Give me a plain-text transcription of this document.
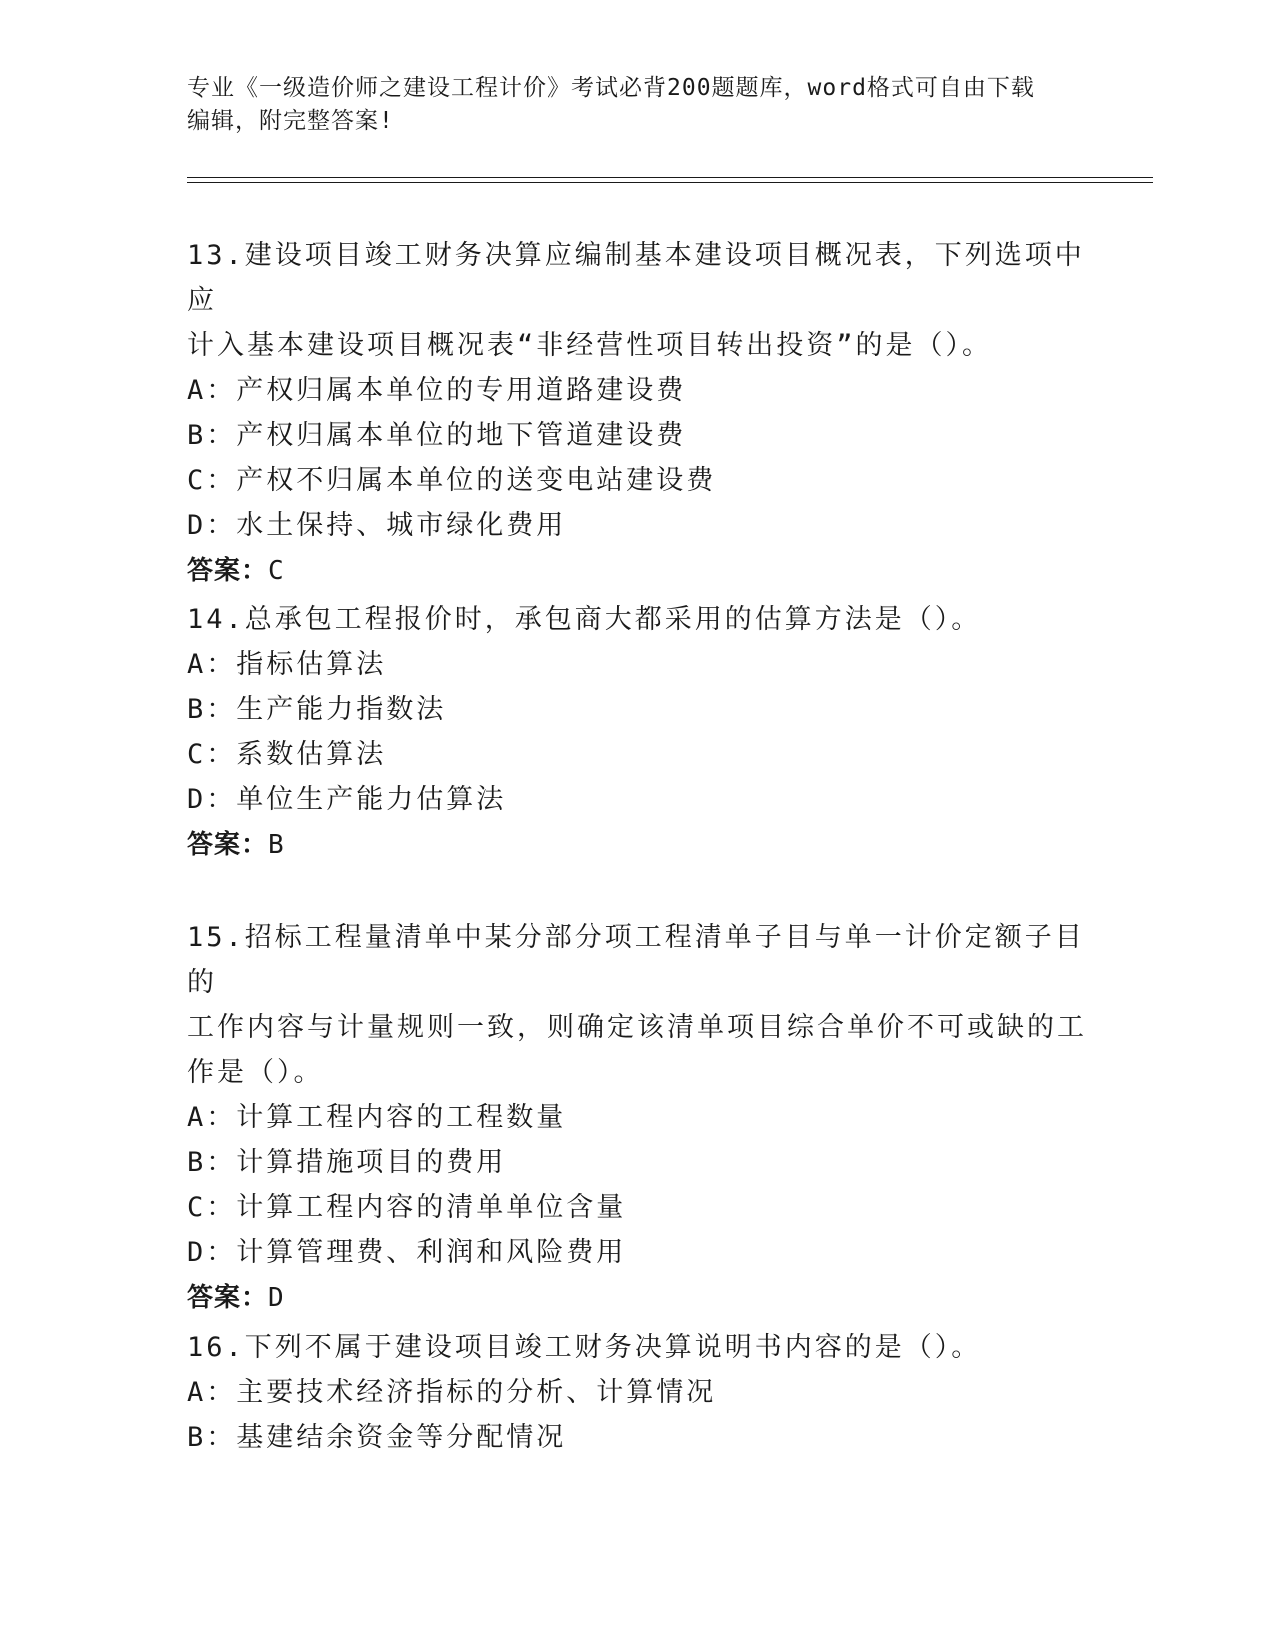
专业《一级造价师之建设工程计价》考试必背200题题库，word格式可自由下载
编辑，附完整答案!
13.建设项目竣工财务决算应编制基本建设项目概况表，下列选项中应
计入基本建设项目概况表“非经营性项目转出投资”的是（）。
A：产权归属本单位的专用道路建设费
B：产权归属本单位的地下管道建设费
C：产权不归属本单位的送变电站建设费
D：水土保持、城市绿化费用
答案：C
14.总承包工程报价时，承包商大都采用的估算方法是（）。
A：指标估算法
B：生产能力指数法
C：系数估算法
D：单位生产能力估算法
答案：B
15.招标工程量清单中某分部分项工程清单子目与单一计价定额子目的
工作内容与计量规则一致，则确定该清单项目综合单价不可或缺的工
作是（）。
A：计算工程内容的工程数量
B：计算措施项目的费用
C：计算工程内容的清单单位含量
D：计算管理费、利润和风险费用
答案：D
16.下列不属于建设项目竣工财务决算说明书内容的是（）。
A：主要技术经济指标的分析、计算情况
B：基建结余资金等分配情况
